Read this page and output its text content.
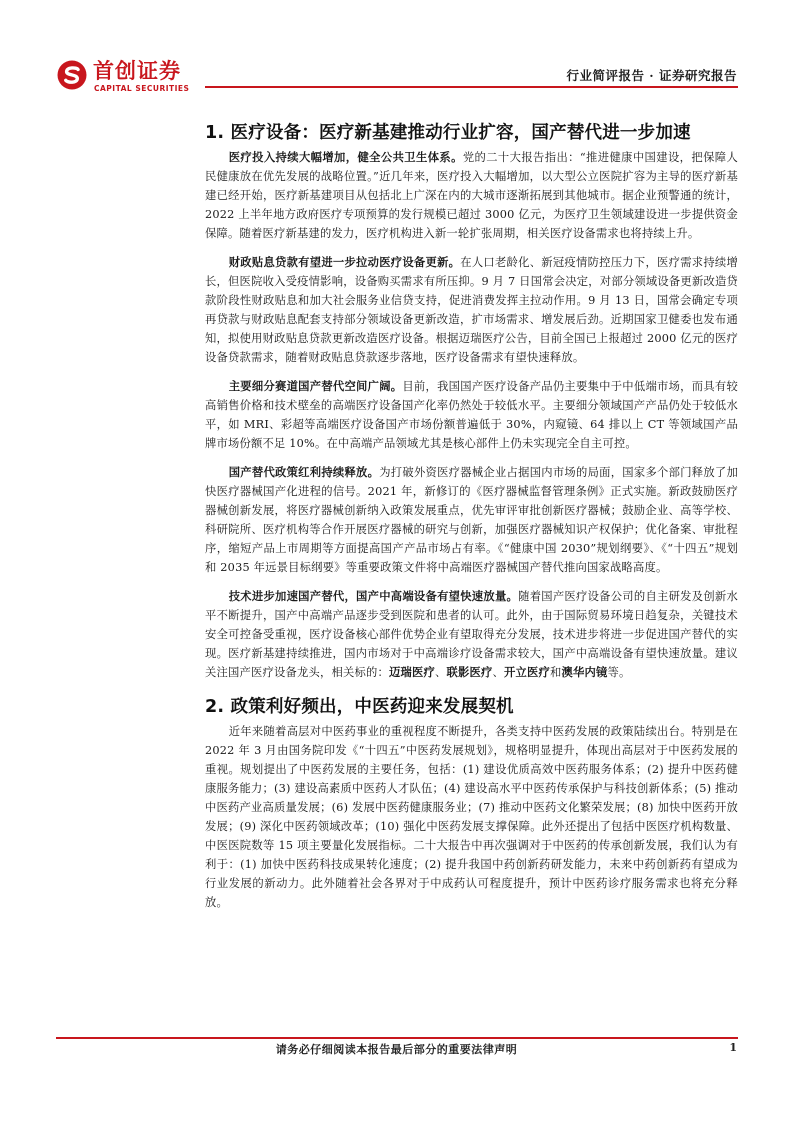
首创证券
CAPITAL SECURITIES
行业简评报告 · 证券研究报告
1. 医疗设备：医疗新基建推动行业扩容，国产替代进一步加速

医疗投入持续大幅增加，健全公共卫生体系。党的二十大报告指出：“推进健康中国建设，把保障人民健康放在优先发展的战略位置。”近几年来，医疗投入大幅增加，以大型公立医院扩容为主导的医疗新基建已经开始，医疗新基建项目从包括北上广深在内的大城市逐渐拓展到其他城市。据企业预警通的统计，2022 上半年地方政府医疗专项预算的发行规模已超过 3000 亿元，为医疗卫生领域建设进一步提供资金保障。随着医疗新基建的发力，医疗机构进入新一轮扩张周期，相关医疗设备需求也将持续上升。

财政贴息贷款有望进一步拉动医疗设备更新。在人口老龄化、新冠疫情防控压力下，医疗需求持续增长，但医院收入受疫情影响，设备购买需求有所压抑。9 月 7 日国常会决定，对部分领域设备更新改造贷款阶段性财政贴息和加大社会服务业信贷支持，促进消费发挥主拉动作用。9 月 13 日，国常会确定专项再贷款与财政贴息配套支持部分领域设备更新改造，扩市场需求、增发展后劲。近期国家卫健委也发布通知，拟使用财政贴息贷款更新改造医疗设备。根据迈瑞医疗公告，目前全国已上报超过 2000 亿元的医疗设备贷款需求，随着财政贴息贷款逐步落地，医疗设备需求有望快速释放。

主要细分赛道国产替代空间广阔。目前，我国国产医疗设备产品仍主要集中于中低端市场，而具有较高销售价格和技术壁垒的高端医疗设备国产化率仍然处于较低水平。主要细分领域国产产品仍处于较低水平，如 MRI、彩超等高端医疗设备国产市场份额普遍低于 30%，内窥镜、64 排以上 CT 等领域国产品牌市场份额不足 10%。在中高端产品领域尤其是核心部件上仍未实现完全自主可控。

国产替代政策红利持续释放。为打破外资医疗器械企业占据国内市场的局面，国家多个部门释放了加快医疗器械国产化进程的信号。2021 年，新修订的《医疗器械监督管理条例》正式实施。新政鼓励医疗器械创新发展，将医疗器械创新纳入政策发展重点，优先审评审批创新医疗器械；鼓励企业、高等学校、科研院所、医疗机构等合作开展医疗器械的研究与创新，加强医疗器械知识产权保护；优化备案、审批程序，缩短产品上市周期等方面提高国产产品市场占有率。《“健康中国 2030”规划纲要》、《“十四五”规划和 2035 年远景目标纲要》等重要政策文件将中高端医疗器械国产替代推向国家战略高度。

技术进步加速国产替代，国产中高端设备有望快速放量。随着国产医疗设备公司的自主研发及创新水平不断提升，国产中高端产品逐步受到医院和患者的认可。此外，由于国际贸易环境日趋复杂，关键技术安全可控备受重视，医疗设备核心部件优势企业有望取得充分发展，技术进步将进一步促进国产替代的实现。医疗新基建持续推进，国内市场对于中高端诊疗设备需求较大，国产中高端设备有望快速放量。建议关注国产医疗设备龙头，相关标的：迈瑞医疗、联影医疗、开立医疗和澳华内镜等。

2. 政策利好频出，中医药迎来发展契机

近年来随着高层对中医药事业的重视程度不断提升，各类支持中医药发展的政策陆续出台。特别是在 2022 年 3 月由国务院印发《“十四五”中医药发展规划》，规格明显提升，体现出高层对于中医药发展的重视。规划提出了中医药发展的主要任务，包括：(1) 建设优质高效中医药服务体系；(2) 提升中医药健康服务能力；(3) 建设高素质中医药人才队伍；(4) 建设高水平中医药传承保护与科技创新体系；(5) 推动中医药产业高质量发展；(6) 发展中医药健康服务业；(7) 推动中医药文化繁荣发展；(8) 加快中医药开放发展；(9) 深化中医药领域改革；(10) 强化中医药发展支撑保障。此外还提出了包括中医医疗机构数量、中医医院数等 15 项主要量化发展指标。二十大报告中再次强调对于中医药的传承创新发展，我们认为有利于：(1) 加快中医药科技成果转化速度；(2) 提升我国中药创新药研发能力，未来中药创新药有望成为行业发展的新动力。此外随着社会各界对于中成药认可程度提升，预计中医药诊疗服务需求也将充分释放。

请务必仔细阅读本报告最后部分的重要法律声明	1
